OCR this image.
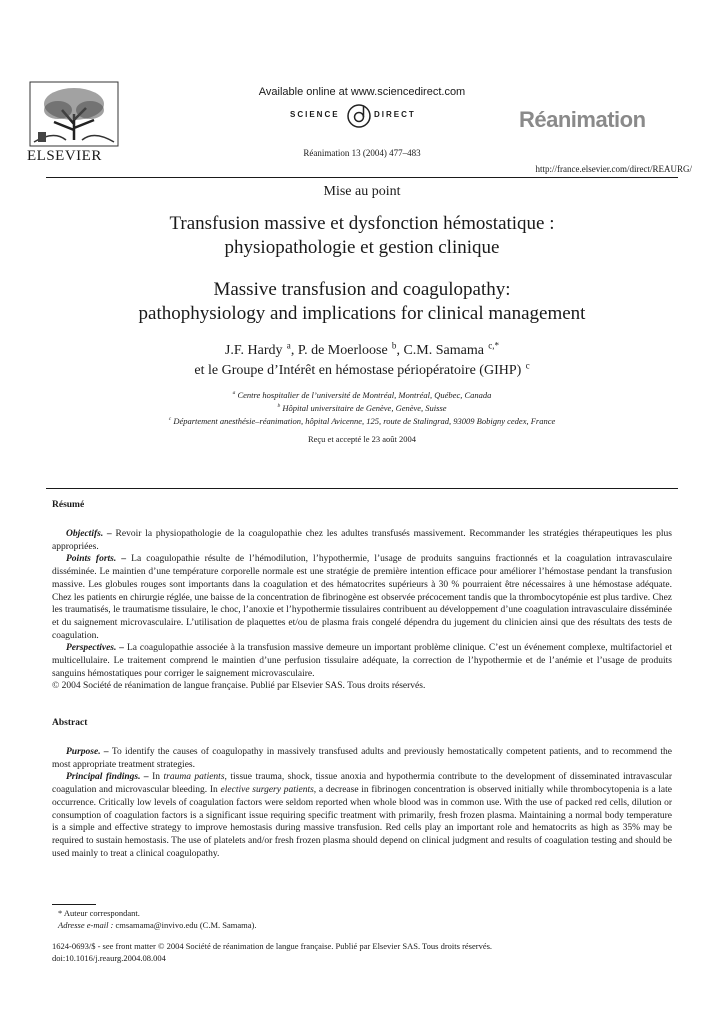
ELSEVIER
Available online at www.sciencedirect.com
SCIENCE	DIRECT
Réanimation 13 (2004) 477–483
Réanimation
http://france.elsevier.com/direct/REAURG/
Mise au point
Transfusion massive et dysfonction hémostatique :
physiopathologie et gestion clinique
Massive transfusion and coagulopathy:
pathophysiology and implications for clinical management
J.F. Hardy   $^a$, P. de Moerloose   $^b$, C.M. Samama   $^{c,*}$
et le Groupe d’Intérêt en hémostase périopératoire (GIHP)   $^c$
$^a$ Centre hospitalier de l’université de Montréal, Montréal, Québec, Canada
$^b$ Hôpital universitaire de Genève, Genève, Suisse
$^c$ Département anesthésie–réanimation, hôpital Avicenne, 125, route de Stalingrad, 93009 Bobigny cedex, France
Reçu et accepté le 23 août 2004
Résumé

Objectifs. – Revoir la physiopathologie de la coagulopathie chez les adultes transfusés massivement. Recommander les stratégies thérapeutiques les plus appropriées.

Points forts. – La coagulopathie résulte de l’hémodilution, l’hypothermie, l’usage de produits sanguins fractionnés et la coagulation intravasculaire disséminée. Le maintien d’une température corporelle normale est une stratégie de première intention efficace pour améliorer l’hémostase pendant la transfusion massive. Les globules rouges sont importants dans la coagulation et des hématocrites supérieurs à 30 % pourraient être nécessaires à une hémostase adéquate. Chez les patients en chirurgie réglée, une baisse de la concentration de fibrinogène est observée précocement tandis que la thrombocytopénie est plus tardive. Chez les traumatisés, le traumatisme tissulaire, le choc, l’anoxie et l’hypothermie tissulaires contribuent au développement d’une coagulation intravasculaire disséminée et du saignement microvasculaire. L’utilisation de plaquettes et/ou de plasma frais congelé dépendra du jugement du clinicien ainsi que des résultats des tests de coagulation.

Perspectives. – La coagulopathie associée à la transfusion massive demeure un important problème clinique. C’est un événement complexe, multifactoriel et multicellulaire. Le traitement comprend le maintien d’une perfusion tissulaire adéquate, la correction de l’hypothermie et de l’anémie et l’usage de produits sanguins hémostatiques pour corriger le saignement microvasculaire.

© 2004 Société de réanimation de langue française. Publié par Elsevier SAS. Tous droits réservés.

Abstract

Purpose. – To identify the causes of coagulopathy in massively transfused adults and previously hemostatically competent patients, and to recommend the most appropriate treatment strategies.

Principal findings. – In trauma patients, tissue trauma, shock, tissue anoxia and hypothermia contribute to the development of disseminated intravascular coagulation and microvascular bleeding. In elective surgery patients, a decrease in fibrinogen concentration is observed initially while thrombocytopenia is a late occurrence. Critically low levels of coagulation factors were seldom reported when whole blood was in common use. With the use of packed red cells, dilution or consumption of coagulation factors is a significant issue requiring specific treatment with primarily, fresh frozen plasma. Maintaining a normal body temperature is a simple and effective strategy to improve hemostasis during massive transfusion. Red cells play an important role and hematocrits as high as 35% may be required to sustain hemostasis. The use of platelets and/or fresh frozen plasma should depend on clinical judgment and results of coagulation testing and should be used mainly to treat a clinical coagulopathy.

* Auteur correspondant.
Adresse e-mail : cmsamama@invivo.edu (C.M. Samama).
1624-0693/$ - see front matter © 2004 Société de réanimation de langue française. Publié par Elsevier SAS. Tous droits réservés.
doi:10.1016/j.reaurg.2004.08.004
